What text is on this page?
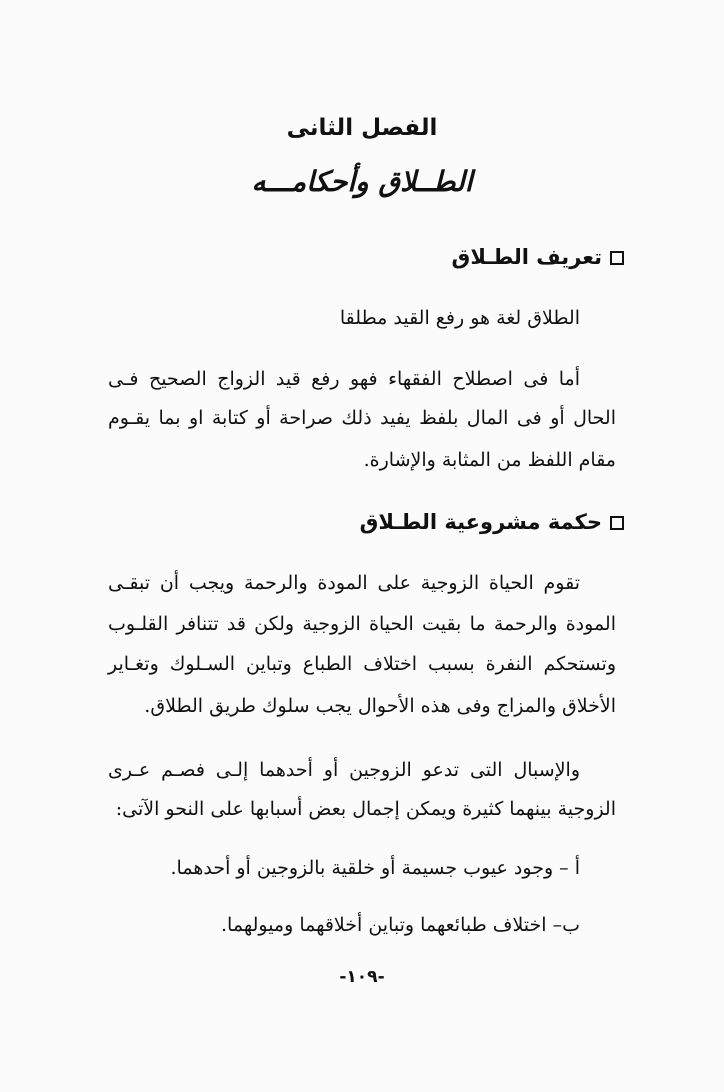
الفصل الثانى
الطــلاق وأحكامـــه
تعريف الطـلاق
الطلاق لغة هو رفع القيد مطلقا
أما فى اصطلاح الفقهاء فهو رفع قيد الزواج الصحيح فـى
الحال أو فى المال بلفظ يفيد ذلك صراحة أو كتابة او بما يقـوم
مقام اللفظ من المثابة والإشارة.
حكمة مشروعية الطـلاق
تقوم الحياة الزوجية على المودة والرحمة ويجب أن تبقـى
المودة والرحمة ما بقيت الحياة الزوجية ولكن قد تتنافر القلـوب
وتستحكم النفرة بسبب اختلاف الطباع وتباين السـلوك وتغـاير
الأخلاق والمزاج وفى هذه الأحوال يجب سلوك طريق الطلاق.
والإسبال التى تدعو الزوجين أو أحدهما إلـى فصـم عـرى
الزوجية بينهما كثيرة ويمكن إجمال بعض أسبابها على النحو الآتى:
أ – وجود عيوب جسيمة أو خلقية بالزوجين أو أحدهما.
ب– اختلاف طبائعهما وتباين أخلاقهما وميولهما.
-١٠٩-
